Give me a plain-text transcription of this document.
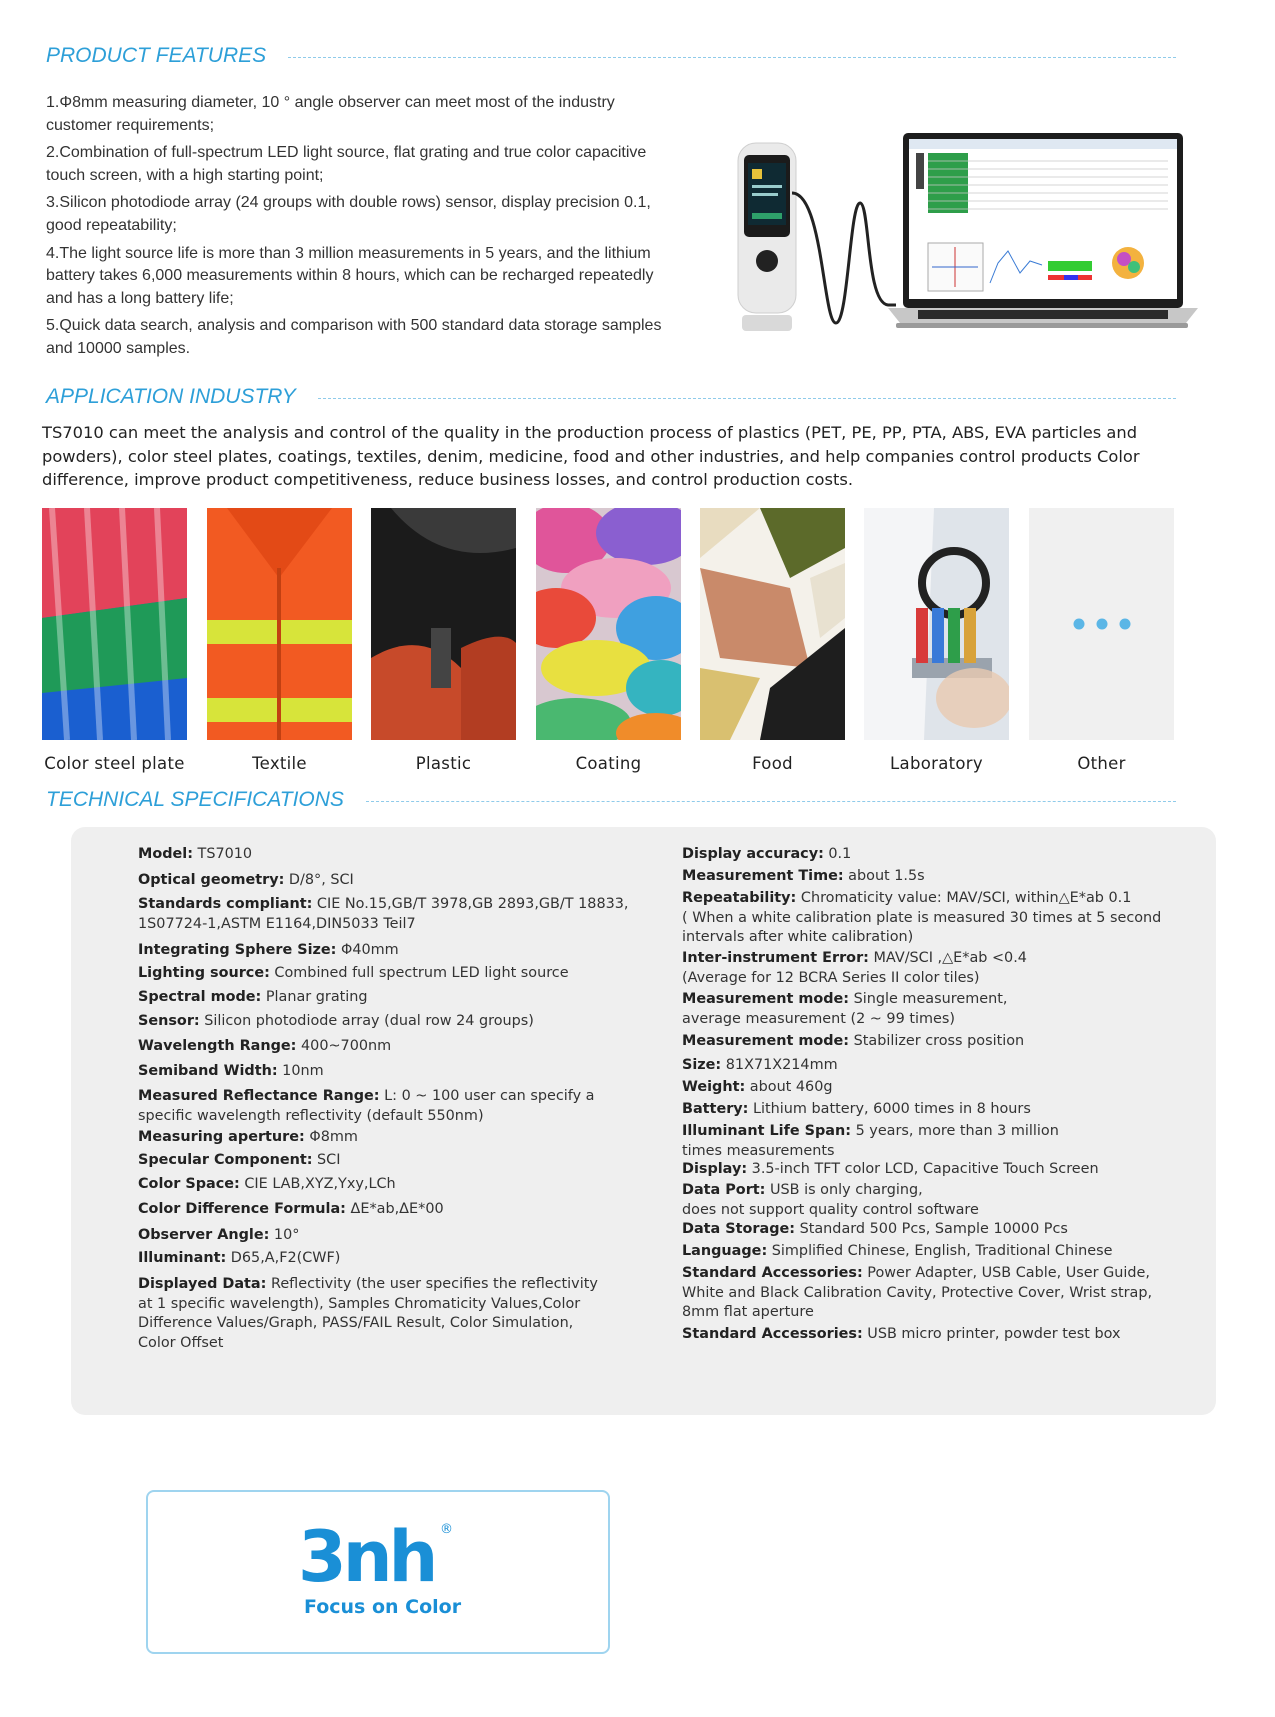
PRODUCT FEATURES
1.Φ8mm measuring diameter, 10 ° angle observer can meet most of the industry customer requirements;
2.Combination of full-spectrum LED light source, flat grating and true color capacitive touch screen, with a high starting point;
3.Silicon photodiode array (24 groups with double rows) sensor, display precision 0.1, good repeatability;
4.The light source life is more than 3 million measurements in 5 years, and the lithium battery takes 6,000 measurements within 8 hours, which can be recharged repeatedly and has a long battery life;
5.Quick data search, analysis and comparison with 500 standard data storage samples and 10000 samples.
APPLICATION INDUSTRY

TS7010 can meet the analysis and control of the quality in the production process of plastics (PET, PE, PP, PTA, ABS, EVA particles and powders), color steel plates, coatings, textiles, denim, medicine, food and other industries, and help companies control products Color difference, improve product competitiveness, reduce business losses, and control production costs.

Color steel plate	Textile	Plastic	Coating	Food	Laboratory	Other
TECHNICAL SPECIFICATIONS
Model: TS7010
Optical geometry: D/8°, SCI
Standards compliant: CIE No.15,GB/T 3978,GB 2893,GB/T 18833,
1S07724-1,ASTM E1164,DIN5033 Teil7
Integrating Sphere Size: Φ40mm
Lighting source: Combined full spectrum LED light source
Spectral mode: Planar grating
Sensor: Silicon photodiode array (dual row 24 groups)
Wavelength Range: 400~700nm
Semiband Width: 10nm
Measured Reflectance Range: L: 0 ~ 100 user can specify a
specific wavelength reflectivity (default 550nm)
Measuring aperture: Φ8mm
Specular Component: SCI
Color Space: CIE LAB,XYZ,Yxy,LCh
Color Difference Formula: ΔE*ab,ΔE*00
Observer Angle: 10°
Illuminant: D65,A,F2(CWF)
Displayed Data: Reflectivity (the user specifies the reflectivity
at 1 specific wavelength), Samples Chromaticity Values,Color
Difference Values/Graph, PASS/FAIL Result, Color Simulation,
Color Offset
Display accuracy: 0.1
Measurement Time: about 1.5s
Repeatability: Chromaticity value: MAV/SCI, within△E*ab 0.1
( When a white calibration plate is measured 30 times at 5 second
intervals after white calibration)
Inter-instrument Error: MAV/SCI ,△E*ab <0.4
(Average for 12 BCRA Series II color tiles)
Measurement mode: Single measurement,
average measurement (2 ~ 99 times)
Measurement mode: Stabilizer cross position
Size: 81X71X214mm
Weight: about 460g
Battery: Lithium battery, 6000 times in 8 hours
Illuminant Life Span: 5 years, more than 3 million
times measurements
Display: 3.5-inch TFT color LCD, Capacitive Touch Screen
Data Port: USB is only charging,
does not support quality control software
Data Storage: Standard 500 Pcs, Sample 10000 Pcs
Language: Simplified Chinese, English, Traditional Chinese
Standard Accessories: Power Adapter, USB Cable, User Guide,
White and Black Calibration Cavity, Protective Cover, Wrist strap,
8mm flat aperture
Standard Accessories: USB micro printer, powder test box
3nh ®
Focus on Color
